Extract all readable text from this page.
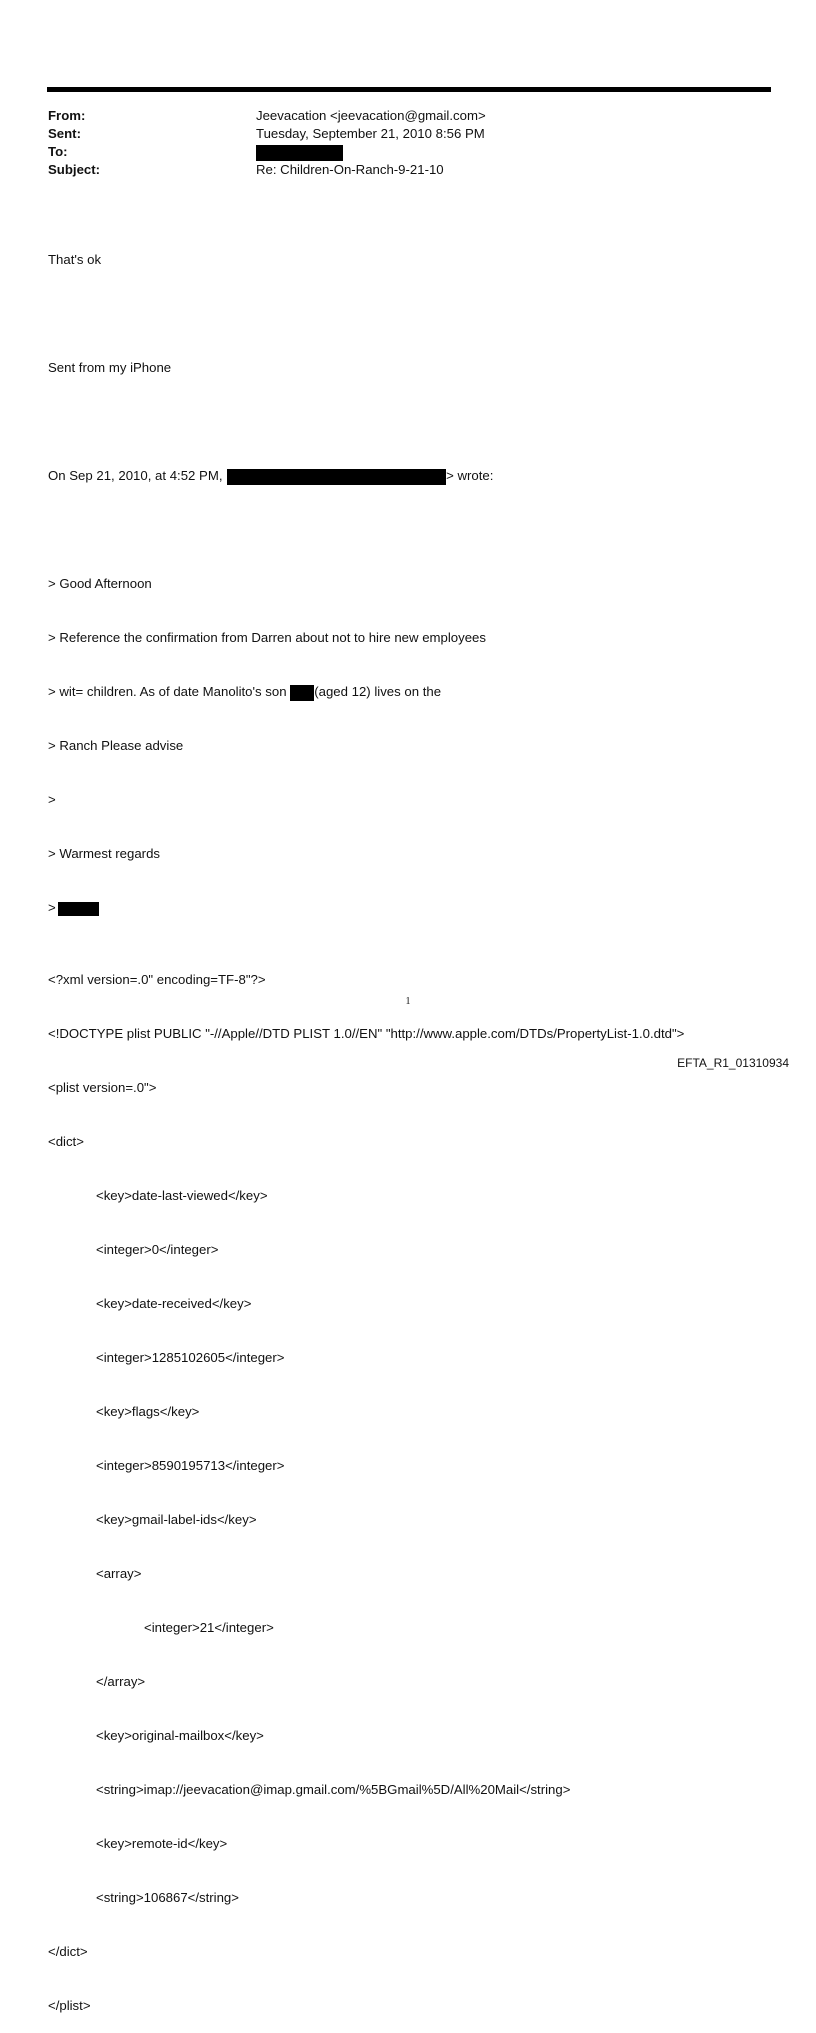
From:	Jeevacation <jeevacation@gmail.com>
Sent:	Tuesday, September 21, 2010 8:56 PM
To:
Subject:	Re: Children-On-Ranch-9-21-10

That's ok

Sent from my iPhone

On Sep 21, 2010, at 4:52 PM,	> wrote:

> Good Afternoon

> Reference the confirmation from Darren about not to hire new employees

> wit= children. As of date Manolito's son (aged 12) lives on the

> Ranch Please advise

>

> Warmest regards

>

<?xml version=.0" encoding=TF-8"?>

<!DOCTYPE plist PUBLIC "-//Apple//DTD PLIST 1.0//EN" "http://www.apple.com/DTDs/PropertyList-1.0.dtd">

<plist version=.0">

<dict>

<key>date-last-viewed</key>

<integer>0</integer>

<key>date-received</key>

<integer>1285102605</integer>

<key>flags</key>

<integer>8590195713</integer>

<key>gmail-label-ids</key>

<array>

<integer>21</integer>

</array>

<key>original-mailbox</key>

<string>imap://jeevacation@imap.gmail.com/%5BGmail%5D/All%20Mail</string>

<key>remote-id</key>

<string>106867</string>

</dict>

</plist>

1
EFTA_R1_01310934
